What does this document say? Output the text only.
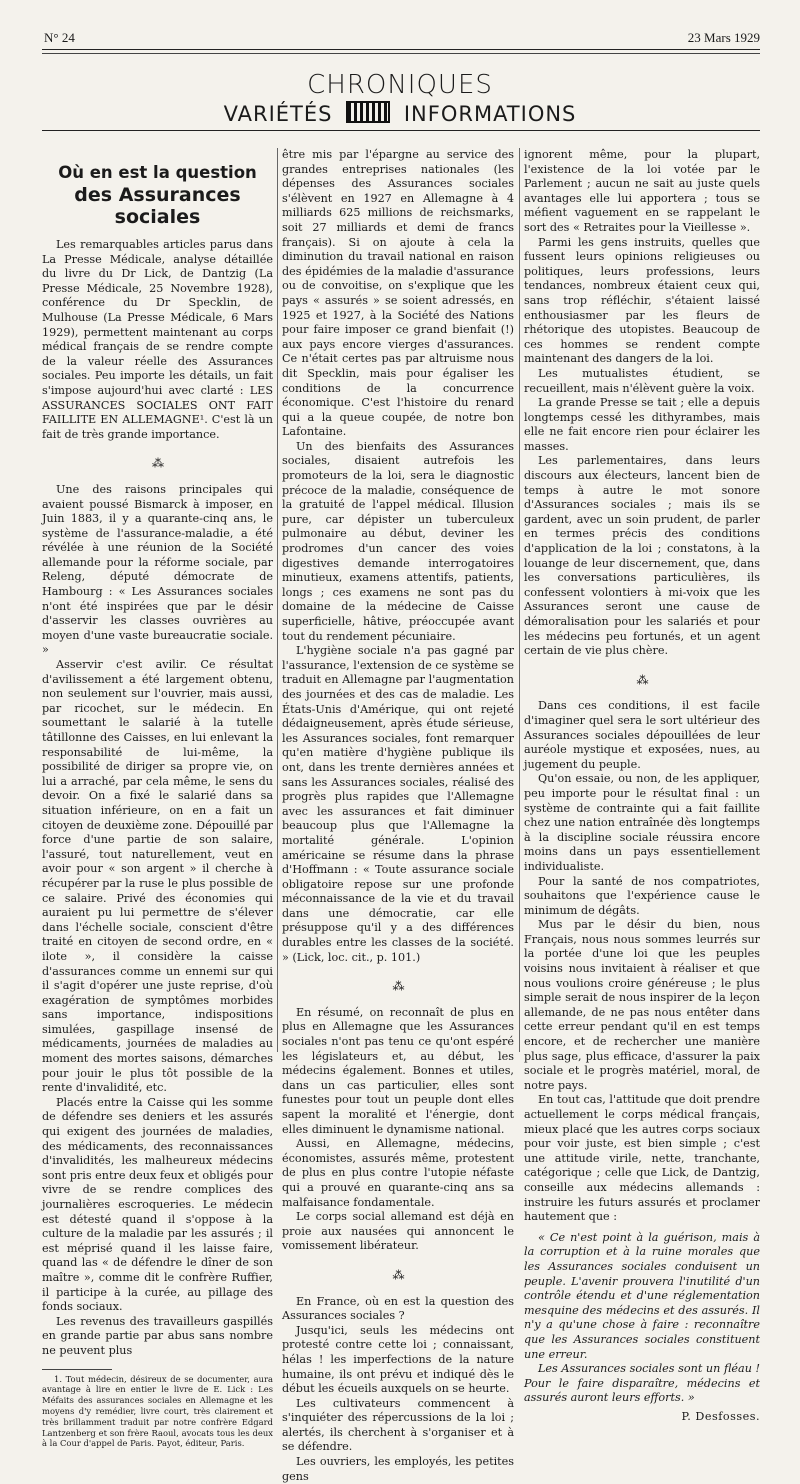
N° 24	23 Mars 1929
CHRONIQUES
VARIÉTÉS	INFORMATIONS
Où en est la question
des Assurances sociales

Les remarquables articles parus dans La Presse Médicale, analyse détaillée du livre du Dr Lick, de Dantzig (La Presse Médicale, 25 Novembre 1928), conférence du Dr Specklin, de Mulhouse (La Presse Médicale, 6 Mars 1929), permettent maintenant au corps médical français de se rendre compte de la valeur réelle des Assurances sociales. Peu importe les détails, un fait s'impose aujourd'hui avec clarté : LES ASSURANCES SOCIALES ONT FAIT FAILLITE EN ALLEMAGNE¹. C'est là un fait de très grande importance.

⁂

Une des raisons principales qui avaient poussé Bismarck à imposer, en Juin 1883, il y a quarante-cinq ans, le système de l'assurance-maladie, a été révélée à une réunion de la Société allemande pour la réforme sociale, par Releng, député démocrate de Hambourg : « Les Assurances sociales n'ont été inspirées que par le désir d'asservir les classes ouvrières au moyen d'une vaste bureaucratie sociale. »

Asservir c'est avilir. Ce résultat d'avilissement a été largement obtenu, non seulement sur l'ouvrier, mais aussi, par ricochet, sur le médecin. En soumettant le salarié à la tutelle tâtillonne des Caisses, en lui enlevant la responsabilité de lui-même, la possibilité de diriger sa propre vie, on lui a arraché, par cela même, le sens du devoir. On a fixé le salarié dans sa situation inférieure, on en a fait un citoyen de deuxième zone. Dépouillé par force d'une partie de son salaire, l'assuré, tout naturellement, veut en avoir pour « son argent » il cherche à récupérer par la ruse le plus possible de ce salaire. Privé des économies qui auraient pu lui permettre de s'élever dans l'échelle sociale, conscient d'être traité en citoyen de second ordre, en « ilote », il considère la caisse d'assurances comme un ennemi sur qui il s'agit d'opérer une juste reprise, d'où exagération de symptômes morbides sans importance, indispositions simulées, gaspillage insensé de médicaments, journées de maladies au moment des mortes saisons, démarches pour jouir le plus tôt possible de la rente d'invalidité, etc.

Placés entre la Caisse qui les somme de défendre ses deniers et les assurés qui exigent des journées de maladies, des médicaments, des reconnaissances d'invalidités, les malheureux médecins sont pris entre deux feux et obligés pour vivre de se rendre complices des journalières escroqueries. Le médecin est détesté quand il s'oppose à la culture de la maladie par les assurés ; il est méprisé quand il les laisse faire, quand las « de défendre le dîner de son maître », comme dit le confrère Ruffier, il participe à la curée, au pillage des fonds sociaux.

Les revenus des travailleurs gaspillés en grande partie par abus sans nombre ne peuvent plus

1. Tout médecin, désireux de se documenter, aura avantage à lire en entier le livre de E. Lick : Les Méfaits des assurances sociales en Allemagne et les moyens d'y remédier, livre court, très clairement et très brillamment traduit par notre confrère Edgard Lantzenberg et son frère Raoul, avocats tous les deux à la Cour d'appel de Paris. Payot, éditeur, Paris.

être mis par l'épargne au service des grandes entreprises nationales (les dépenses des Assurances sociales s'élèvent en 1927 en Allemagne à 4 milliards 625 millions de reichsmarks, soit 27 milliards et demi de francs français). Si on ajoute à cela la diminution du travail national en raison des épidémies de la maladie d'assurance ou de convoitise, on s'explique que les pays « assurés » se soient adressés, en 1925 et 1927, à la Société des Nations pour faire imposer ce grand bienfait (!) aux pays encore vierges d'assurances. Ce n'était certes pas par altruisme nous dit Specklin, mais pour égaliser les conditions de la concurrence économique. C'est l'histoire du renard qui a la queue coupée, de notre bon Lafontaine.

Un des bienfaits des Assurances sociales, disaient autrefois les promoteurs de la loi, sera le diagnostic précoce de la maladie, conséquence de la gratuité de l'appel médical. Illusion pure, car dépister un tuberculeux pulmonaire au début, deviner les prodromes d'un cancer des voies digestives demande interrogatoires minutieux, examens attentifs, patients, longs ; ces examens ne sont pas du domaine de la médecine de Caisse superficielle, hâtive, préoccupée avant tout du rendement pécuniaire.

L'hygiène sociale n'a pas gagné par l'assurance, l'extension de ce système se traduit en Allemagne par l'augmentation des journées et des cas de maladie. Les États-Unis d'Amérique, qui ont rejeté dédaigneusement, après étude sérieuse, les Assurances sociales, font remarquer qu'en matière d'hygiène publique ils ont, dans les trente dernières années et sans les Assurances sociales, réalisé des progrès plus rapides que l'Allemagne avec les assurances et fait diminuer beaucoup plus que l'Allemagne la mortalité générale. L'opinion américaine se résume dans la phrase d'Hoffmann : « Toute assurance sociale obligatoire repose sur une profonde méconnaissance de la vie et du travail dans une démocratie, car elle présuppose qu'il y a des différences durables entre les classes de la société. » (Lick, loc. cit., p. 101.)

⁂

En résumé, on reconnaît de plus en plus en Allemagne que les Assurances sociales n'ont pas tenu ce qu'ont espéré les législateurs et, au début, les médecins également. Bonnes et utiles, dans un cas particulier, elles sont funestes pour tout un peuple dont elles sapent la moralité et l'énergie, dont elles diminuent le dynamisme national.

Aussi, en Allemagne, médecins, économistes, assurés même, protestent de plus en plus contre l'utopie néfaste qui a prouvé en quarante-cinq ans sa malfaisance fondamentale.

Le corps social allemand est déjà en proie aux nausées qui annoncent le vomissement libérateur.

⁂

En France, où en est la question des Assurances sociales ?

Jusqu'ici, seuls les médecins ont protesté contre cette loi ; connaissant, hélas ! les imperfections de la nature humaine, ils ont prévu et indiqué dès le début les écueils auxquels on se heurte.

Les cultivateurs commencent à s'inquiéter des répercussions de la loi ; alertés, ils cherchent à s'organiser et à se défendre.

Les ouvriers, les employés, les petites gens

ignorent même, pour la plupart, l'existence de la loi votée par le Parlement ; aucun ne sait au juste quels avantages elle lui apportera ; tous se méfient vaguement en se rappelant le sort des « Retraites pour la Vieillesse ».

Parmi les gens instruits, quelles que fussent leurs opinions religieuses ou politiques, leurs professions, leurs tendances, nombreux étaient ceux qui, sans trop réfléchir, s'étaient laissé enthousiasmer par les fleurs de rhétorique des utopistes. Beaucoup de ces hommes se rendent compte maintenant des dangers de la loi.

Les mutualistes étudient, se recueillent, mais n'élèvent guère la voix.

La grande Presse se tait ; elle a depuis longtemps cessé les dithyrambes, mais elle ne fait encore rien pour éclairer les masses.

Les parlementaires, dans leurs discours aux électeurs, lancent bien de temps à autre le mot sonore d'Assurances sociales ; mais ils se gardent, avec un soin prudent, de parler en termes précis des conditions d'application de la loi ; constatons, à la louange de leur discernement, que, dans les conversations particulières, ils confessent volontiers à mi-voix que les Assurances seront une cause de démoralisation pour les salariés et pour les médecins peu fortunés, et un agent certain de vie plus chère.

⁂

Dans ces conditions, il est facile d'imaginer quel sera le sort ultérieur des Assurances sociales dépouillées de leur auréole mystique et exposées, nues, au jugement du peuple.

Qu'on essaie, ou non, de les appliquer, peu importe pour le résultat final : un système de contrainte qui a fait faillite chez une nation entraînée dès longtemps à la discipline sociale réussira encore moins dans un pays essentiellement individualiste.

Pour la santé de nos compatriotes, souhaitons que l'expérience cause le minimum de dégâts.

Mus par le désir du bien, nous Français, nous nous sommes leurrés sur la portée d'une loi que les peuples voisins nous invitaient à réaliser et que nous voulions croire généreuse ; le plus simple serait de nous inspirer de la leçon allemande, de ne pas nous entêter dans cette erreur pendant qu'il en est temps encore, et de rechercher une manière plus sage, plus efficace, d'assurer la paix sociale et le progrès matériel, moral, de notre pays.

En tout cas, l'attitude que doit prendre actuellement le corps médical français, mieux placé que les autres corps sociaux pour voir juste, est bien simple ; c'est une attitude virile, nette, tranchante, catégorique ; celle que Lick, de Dantzig, conseille aux médecins allemands : instruire les futurs assurés et proclamer hautement que :

« Ce n'est point à la guérison, mais à la corruption et à la ruine morales que les Assurances sociales conduisent un peuple. L'avenir prouvera l'inutilité d'un contrôle étendu et d'une réglementation mesquine des médecins et des assurés. Il n'y a qu'une chose à faire : reconnaître que les Assurances sociales constituent une erreur.

Les Assurances sociales sont un fléau ! Pour le faire disparaître, médecins et assurés auront leurs efforts. »

P. Desfosses.
